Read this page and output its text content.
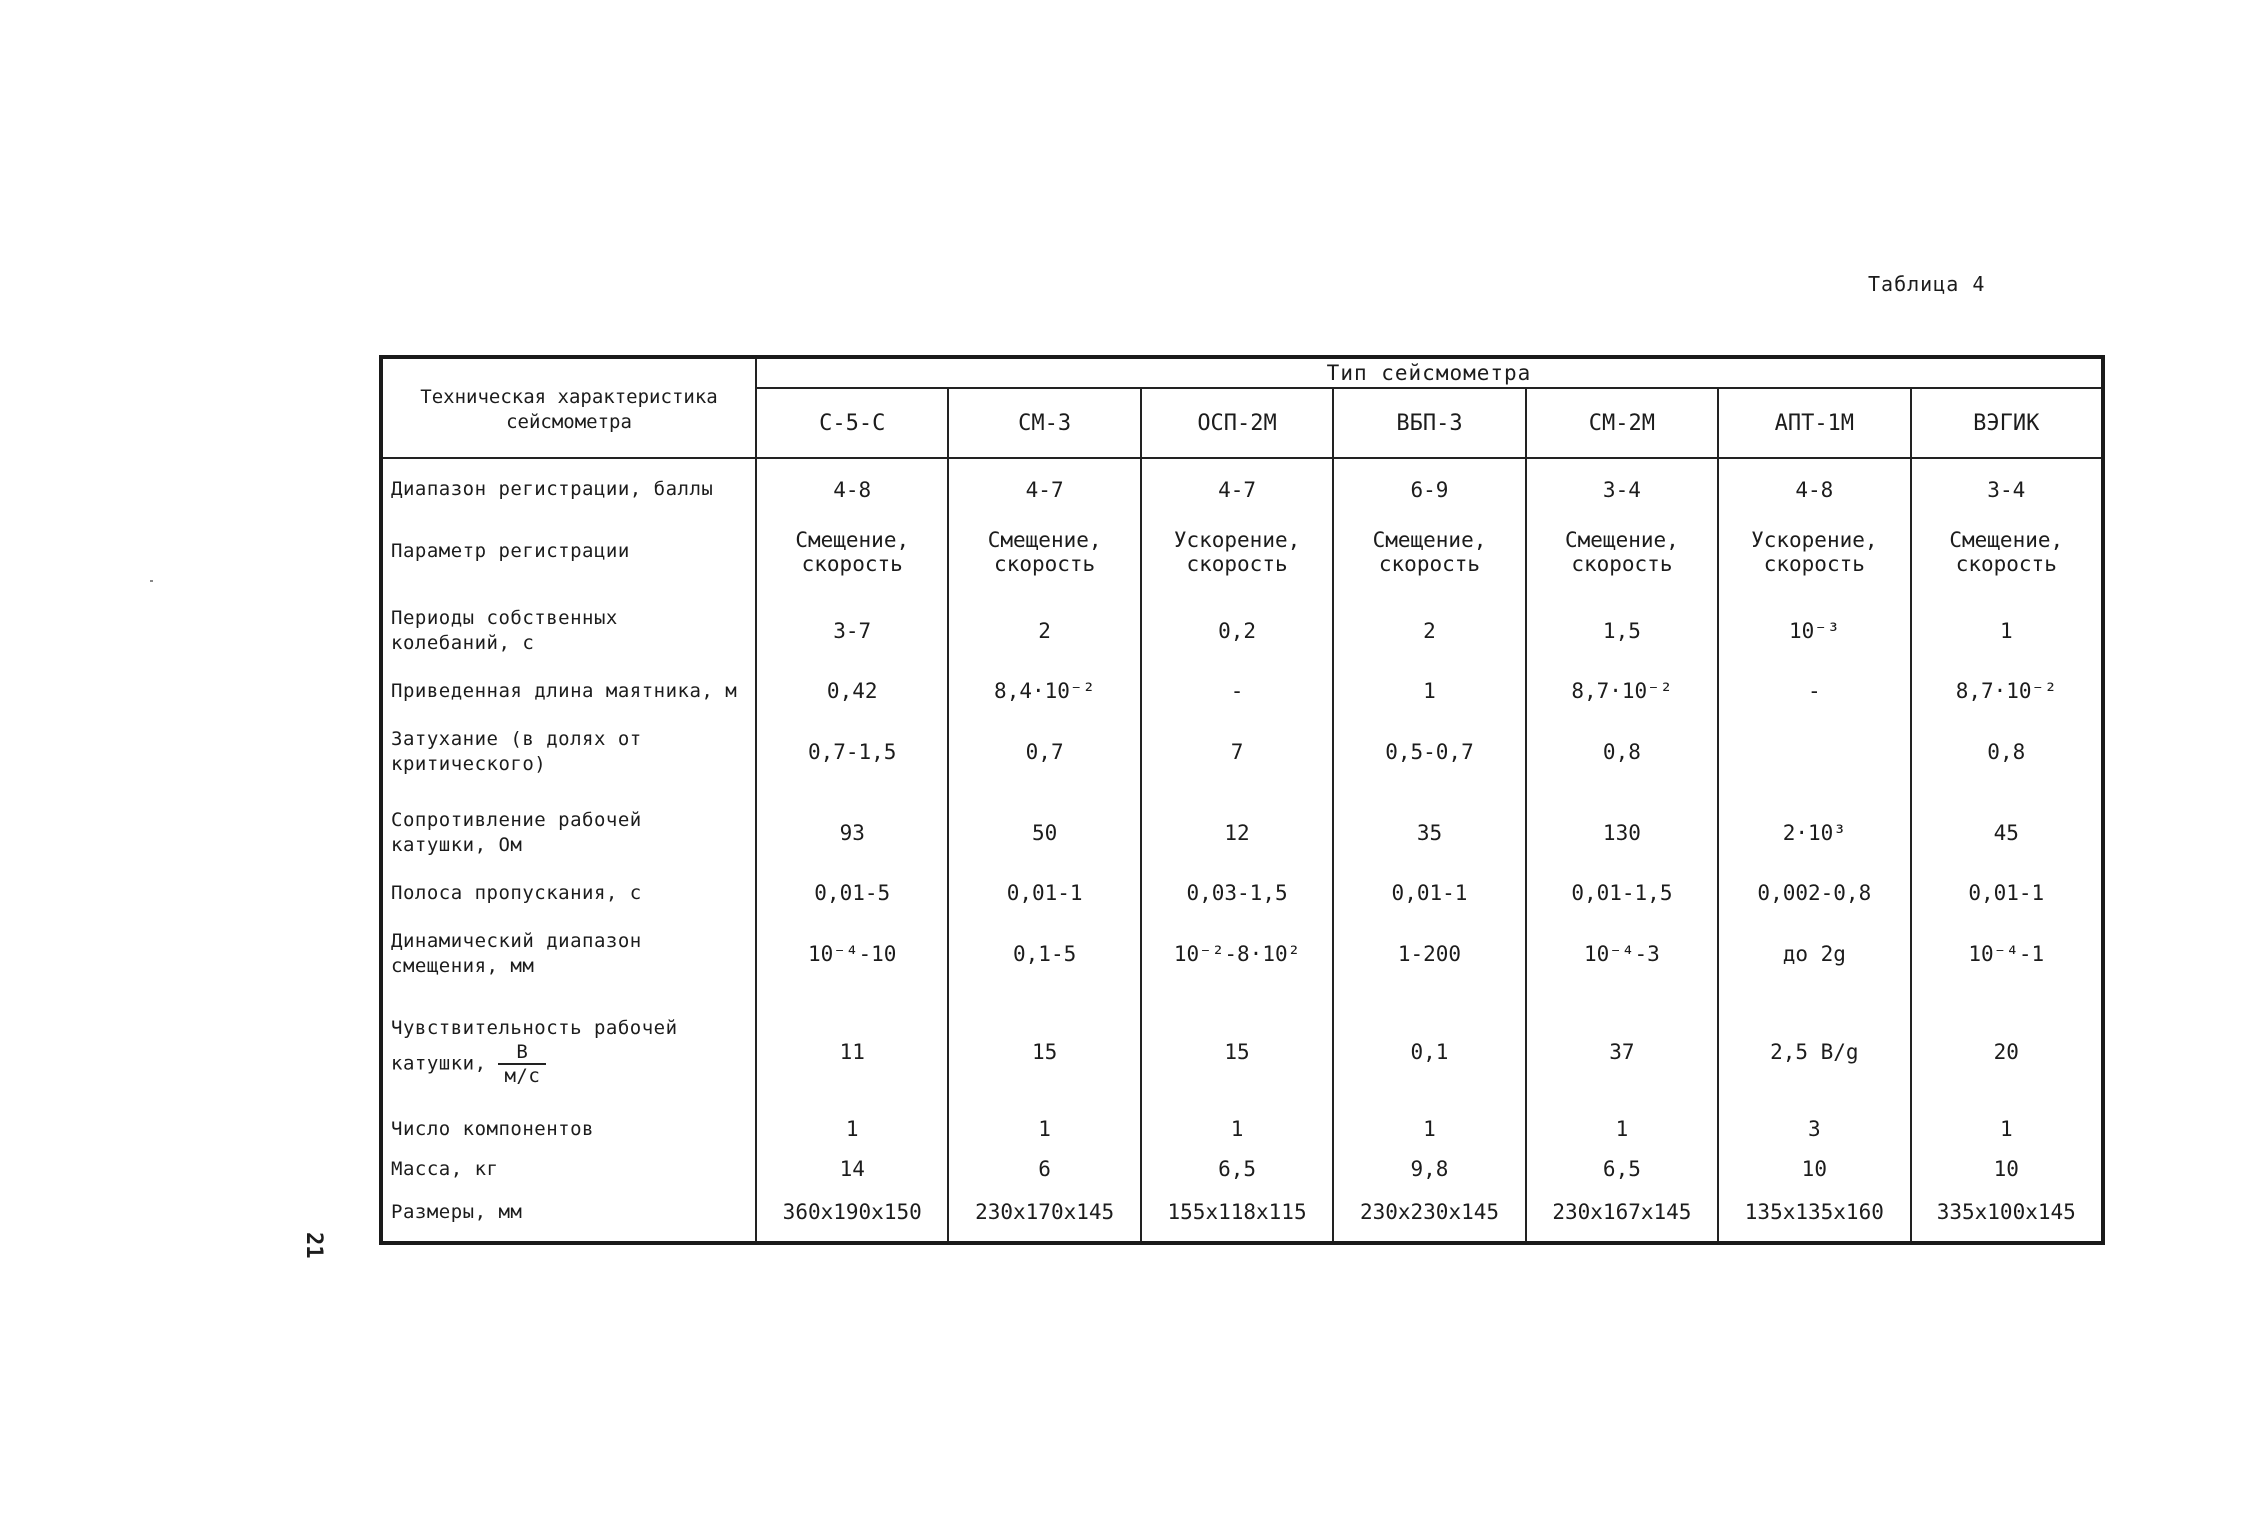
Таблица 4
21
Техническая характеристика сейсмометра	Тип сейсмометра						
	С-5-С	СМ-3	ОСП-2М	ВБП-3	СМ-2М	АПТ-1М	ВЭГИК
Диапазон регистрации, баллы	4-8	4-7	4-7	6-9	3-4	4-8	3-4
Параметр регистрации	Смещение, скорость	Смещение, скорость	Ускорение, скорость	Смещение, скорость	Смещение, скорость	Ускорение, скорость	Смещение, скорость
Периоды собственных колебаний, с	3-7	2	0,2	2	1,5	10⁻³	1
Приведенная длина маятника, м	0,42	8,4·10⁻²	-	1	8,7·10⁻²	-	8,7·10⁻²
Затухание (в долях от критического)	0,7-1,5	0,7	7	0,5-0,7	0,8		0,8
Сопротивление рабочей катушки, Ом	93	50	12	35	130	2·10³	45
Полоса пропускания, с	0,01-5	0,01-1	0,03-1,5	0,01-1	0,01-1,5	0,002-0,8	0,01-1
Динамический диапазон смещения, мм	10⁻⁴-10	0,1-5	10⁻²-8·10²	1-200	10⁻⁴-3	до 2g	10⁻⁴-1
Чувствительность рабочей катушки, $\frac{В}{м/с}$	11	15	15	0,1	37	2,5 В/g	20
Число компонентов	1	1	1	1	1	3	1
Масса, кг	14	6	6,5	9,8	6,5	10	10
Размеры, мм	360x190x150	230x170x145	155x118x115	230x230x145	230x167x145	135x135x160	335x100x145
